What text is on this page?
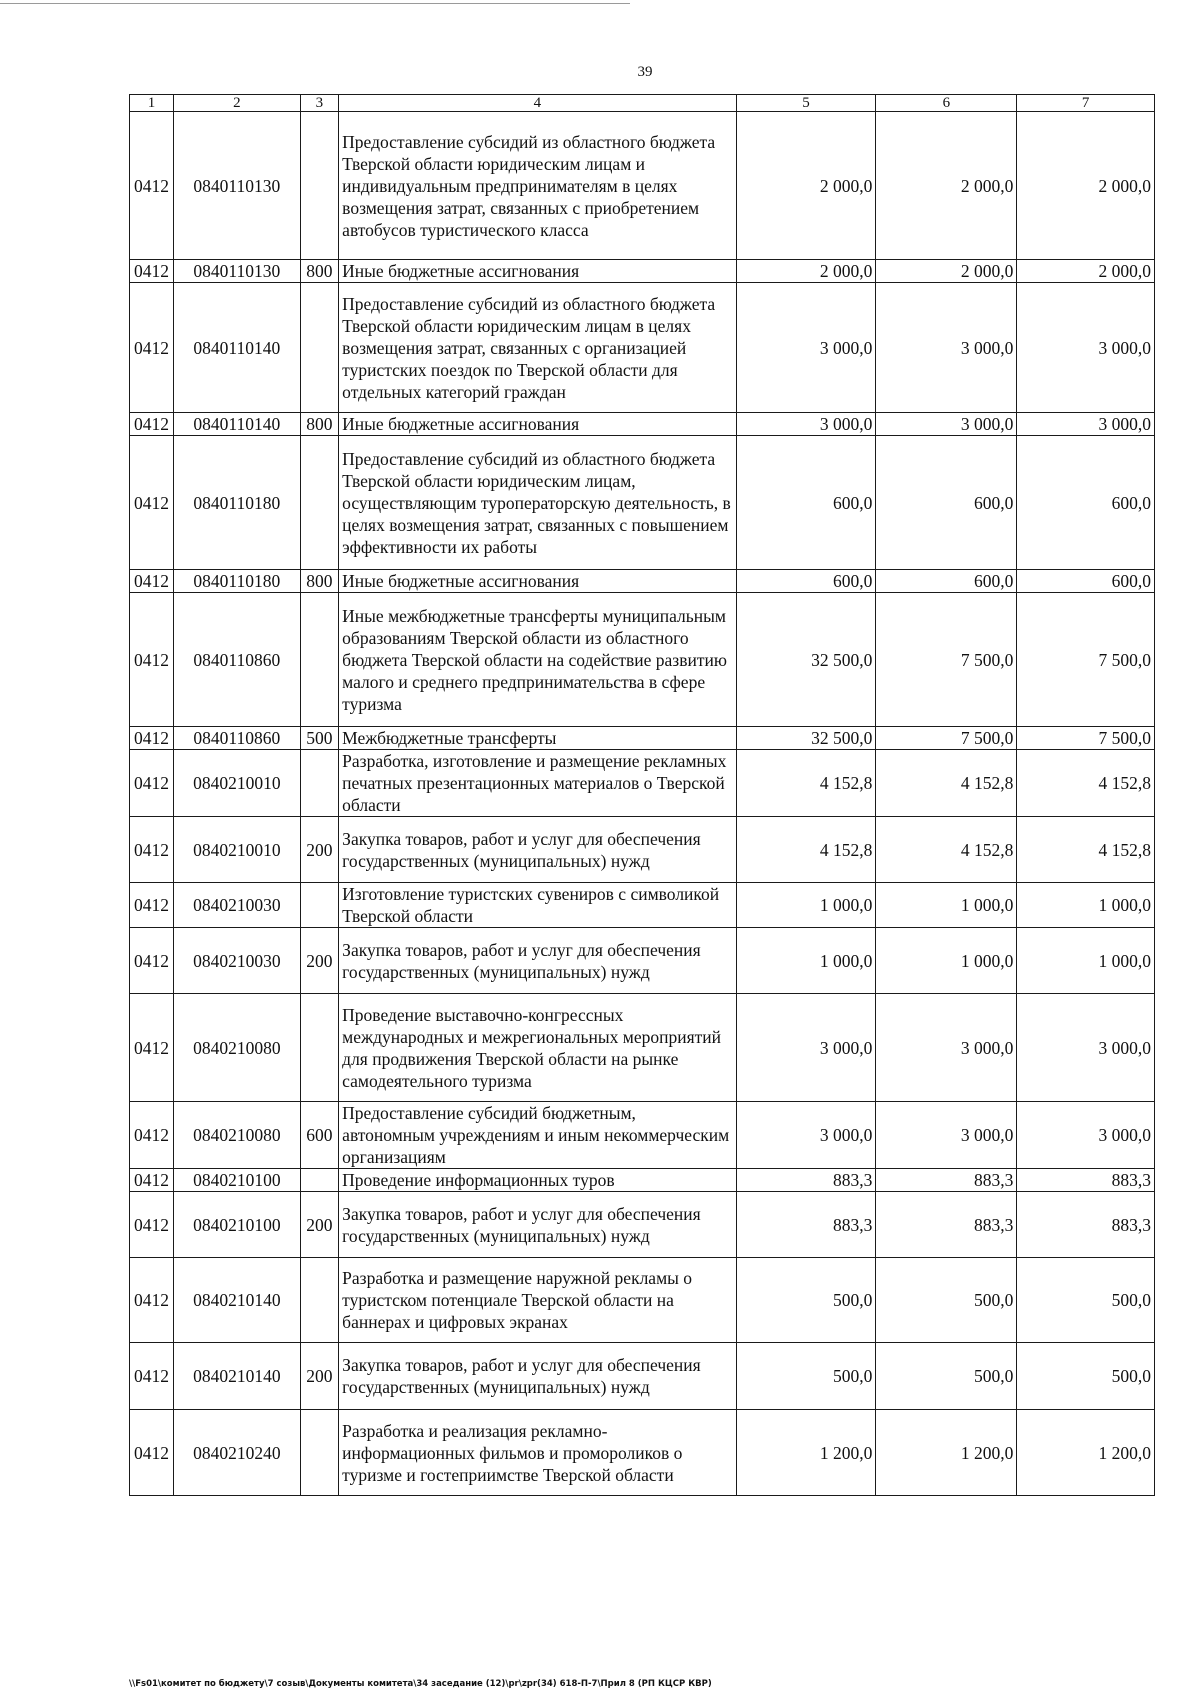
39
1	2	3	4	5	6	7
0412	0840110130		Предоставление субсидий из областного бюджета Тверской области юридическим лицам и индивидуальным предпринимателям в целях возмещения затрат, связанных с приобретением автобусов туристического класса	2 000,0	2 000,0	2 000,0
0412	0840110130	800	Иные бюджетные ассигнования	2 000,0	2 000,0	2 000,0
0412	0840110140		Предоставление субсидий из областного бюджета Тверской области юридическим лицам в целях возмещения затрат, связанных с организацией туристских поездок по Тверской области для отдельных категорий граждан	3 000,0	3 000,0	3 000,0
0412	0840110140	800	Иные бюджетные ассигнования	3 000,0	3 000,0	3 000,0
0412	0840110180		Предоставление субсидий из областного бюджета Тверской области юридическим лицам, осуществляющим туроператорскую деятельность, в целях возмещения затрат, связанных с повышением эффективности их работы	600,0	600,0	600,0
0412	0840110180	800	Иные бюджетные ассигнования	600,0	600,0	600,0
0412	0840110860		Иные межбюджетные трансферты муниципальным образованиям Тверской области из областного бюджета Тверской области на содействие развитию малого и среднего предпринимательства в сфере туризма	32 500,0	7 500,0	7 500,0
0412	0840110860	500	Межбюджетные трансферты	32 500,0	7 500,0	7 500,0
0412	0840210010		Разработка, изготовление и размещение рекламных печатных презентационных материалов о Тверской области	4 152,8	4 152,8	4 152,8
0412	0840210010	200	Закупка товаров, работ и услуг для обеспечения государственных (муниципальных) нужд	4 152,8	4 152,8	4 152,8
0412	0840210030		Изготовление туристских сувениров с символикой Тверской области	1 000,0	1 000,0	1 000,0
0412	0840210030	200	Закупка товаров, работ и услуг для обеспечения государственных (муниципальных) нужд	1 000,0	1 000,0	1 000,0
0412	0840210080		Проведение выставочно-конгрессных международных и межрегиональных мероприятий для продвижения Тверской области на рынке самодеятельного туризма	3 000,0	3 000,0	3 000,0
0412	0840210080	600	Предоставление субсидий бюджетным, автономным учреждениям и иным некоммерческим организациям	3 000,0	3 000,0	3 000,0
0412	0840210100		Проведение информационных туров	883,3	883,3	883,3
0412	0840210100	200	Закупка товаров, работ и услуг для обеспечения государственных (муниципальных) нужд	883,3	883,3	883,3
0412	0840210140		Разработка и размещение наружной рекламы о туристском потенциале Тверской области на баннерах и цифровых экранах	500,0	500,0	500,0
0412	0840210140	200	Закупка товаров, работ и услуг для обеспечения государственных (муниципальных) нужд	500,0	500,0	500,0
0412	0840210240		Разработка и реализация рекламно-информационных фильмов и промороликов о туризме и гостеприимстве Тверской области	1 200,0	1 200,0	1 200,0
\\Fs01\комитет по бюджету\7 созыв\Документы комитета\34 заседание (12)\pr\zpr(34) 618-П-7\Прил 8 (РП КЦСР КВР)
